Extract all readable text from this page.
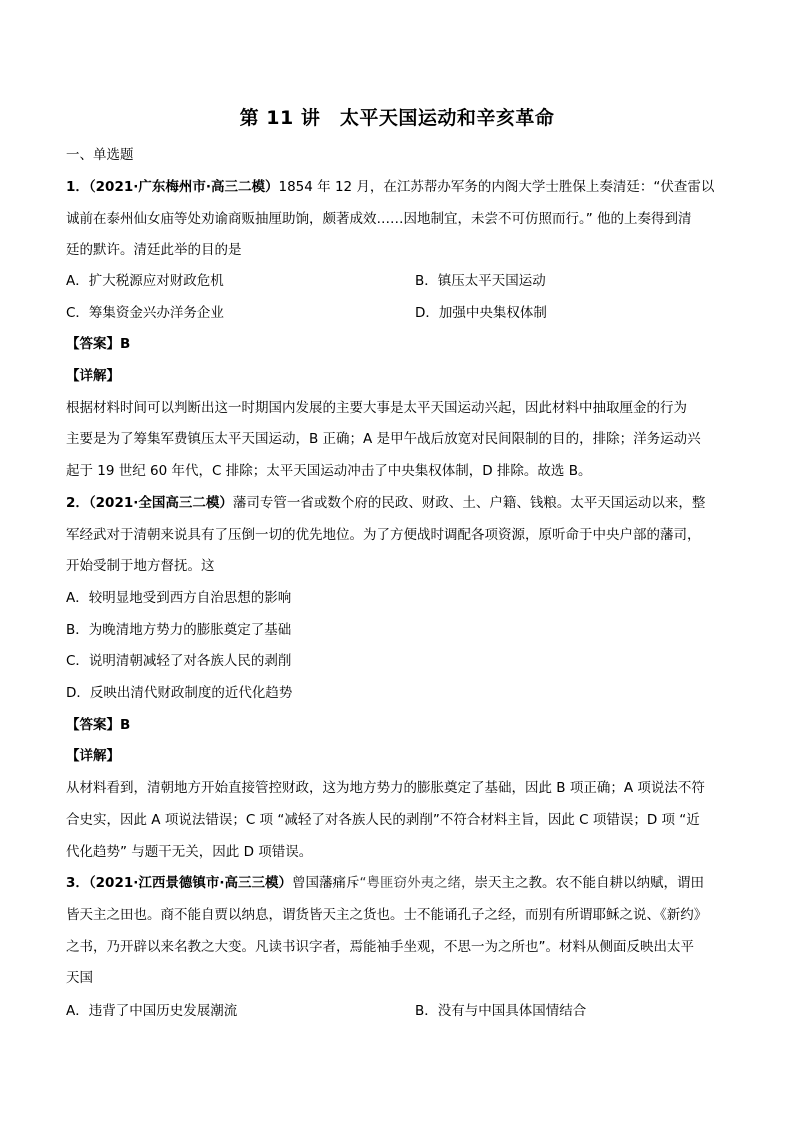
第 11 讲　太平天国运动和辛亥革命
一、单选题
1．（2021·广东梅州市·高三二模）1854 年 12 月，在江苏帮办军务的内阁大学士胜保上奏清廷：“伏查雷以
诚前在泰州仙女庙等处劝谕商贩抽厘助饷，颇著成效……因地制宜，未尝不可仿照而行。” 他的上奏得到清
廷的默许。清廷此举的目的是
A．扩大税源应对财政危机	B．镇压太平天国运动
C．筹集资金兴办洋务企业	D．加强中央集权体制
【答案】B
【详解】
根据材料时间可以判断出这一时期国内发展的主要大事是太平天国运动兴起，因此材料中抽取厘金的行为
主要是为了筹集军费镇压太平天国运动，B 正确；A 是甲午战后放宽对民间限制的目的，排除；洋务运动兴
起于 19 世纪 60 年代，C 排除；太平天国运动冲击了中央集权体制，D 排除。故选 B。
2．（2021·全国高三二模）藩司专管一省或数个府的民政、财政、土、户籍、钱粮。太平天国运动以来，整
军经武对于清朝来说具有了压倒一切的优先地位。为了方便战时调配各项资源，原听命于中央户部的藩司，
开始受制于地方督抚。这
A．较明显地受到西方自治思想的影响
B．为晚清地方势力的膨胀奠定了基础
C．说明清朝减轻了对各族人民的剥削
D．反映出清代财政制度的近代化趋势
【答案】B
【详解】
从材料看到，清朝地方开始直接管控财政，这为地方势力的膨胀奠定了基础，因此 B 项正确；A 项说法不符
合史实，因此 A 项说法错误；C 项 “减轻了对各族人民的剥削”不符合材料主旨，因此 C 项错误；D 项 “近
代化趋势” 与题干无关，因此 D 项错误。
3．（2021·江西景德镇市·高三三模）曾国藩痛斥“粤匪窃外夷之绪，崇天主之教。农不能自耕以纳赋，谓田
皆天主之田也。商不能自贾以纳息，谓货皆天主之货也。士不能诵孔子之经，而别有所谓耶稣之说、《新约》
之书，乃开辟以来名教之大变。凡读书识字者，焉能袖手坐观，不思一为之所也”。材料从侧面反映出太平
天国
A．违背了中国历史发展潮流	B．没有与中国具体国情结合
